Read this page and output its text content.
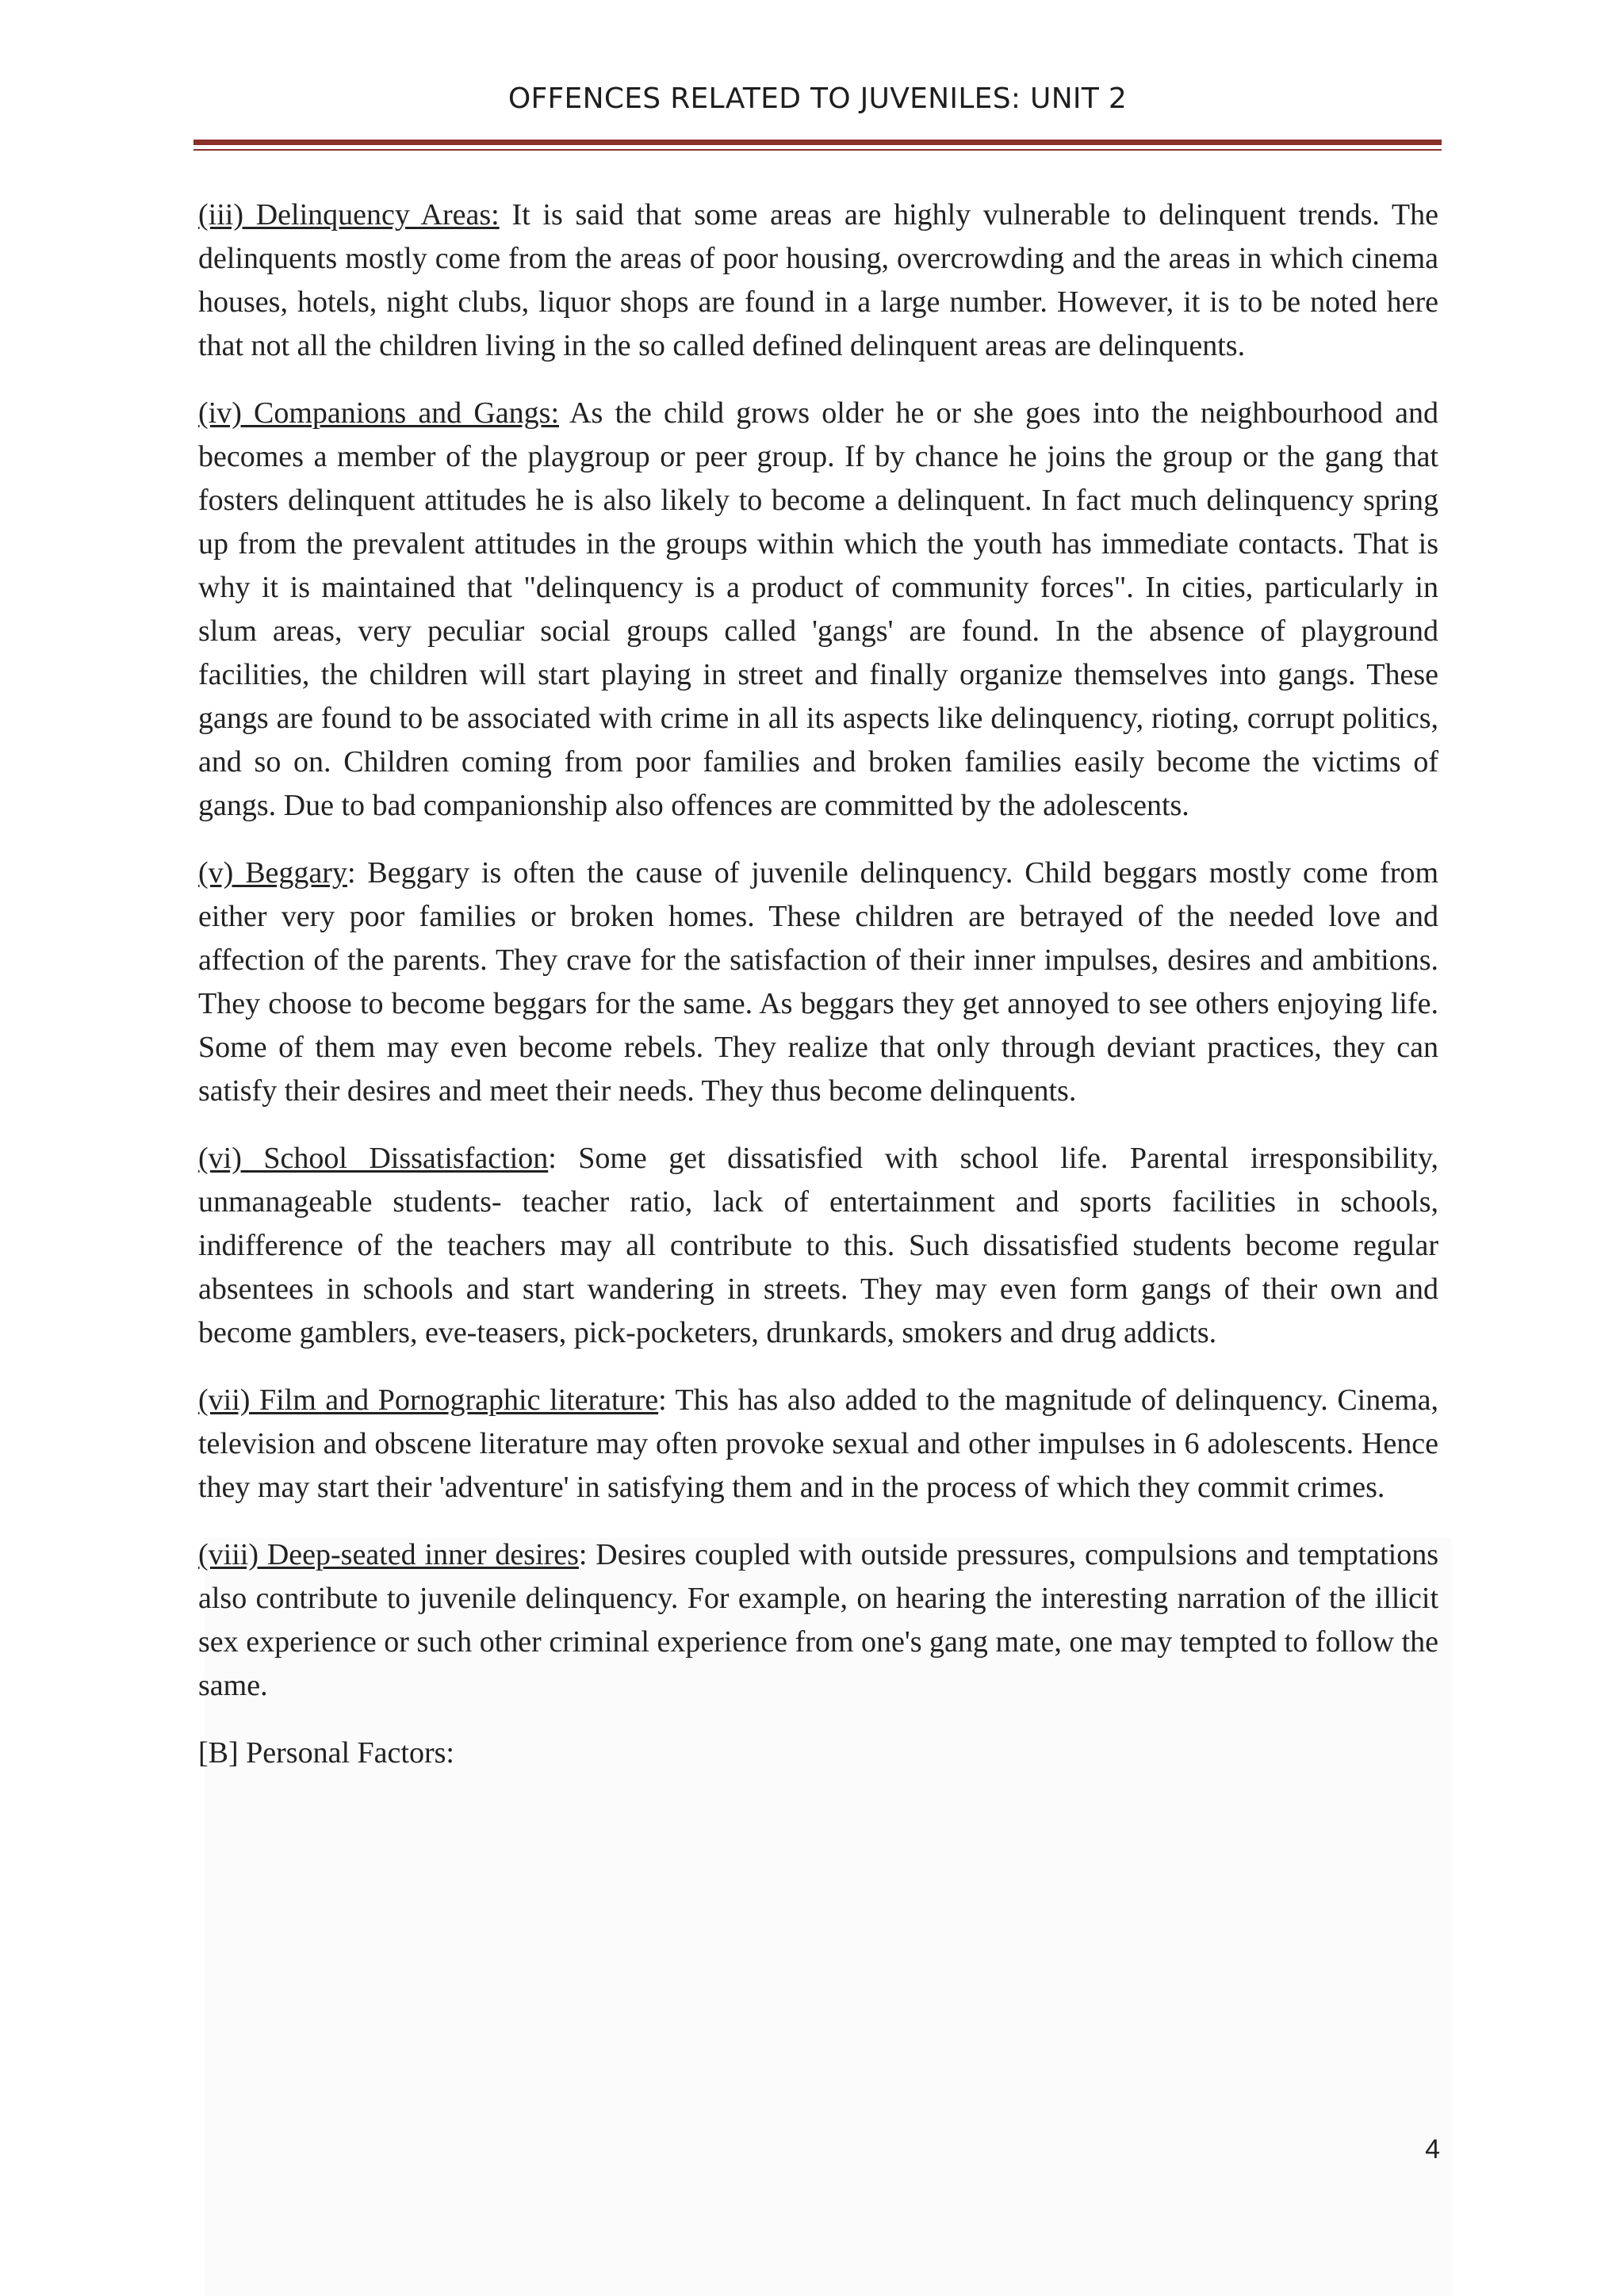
OFFENCES RELATED TO JUVENILES: UNIT 2

(iii) Delinquency Areas: It is said that some areas are highly vulnerable to delinquent trends. The delinquents mostly come from the areas of poor housing, overcrowding and the areas in which cinema houses, hotels, night clubs, liquor shops are found in a large number. However, it is to be noted here that not all the children living in the so called defined delinquent areas are delinquents.

(iv) Companions and Gangs: As the child grows older he or she goes into the neighbourhood and becomes a member of the playgroup or peer group. If by chance he joins the group or the gang that fosters delinquent attitudes he is also likely to become a delinquent. In fact much delinquency spring up from the prevalent attitudes in the groups within which the youth has immediate contacts. That is why it is maintained that "delinquency is a product of community forces". In cities, particularly in slum areas, very peculiar social groups called 'gangs' are found. In the absence of playground facilities, the children will start playing in street and finally organize themselves into gangs. These gangs are found to be associated with crime in all its aspects like delinquency, rioting, corrupt politics, and so on. Children coming from poor families and broken families easily become the victims of gangs. Due to bad companionship also offences are committed by the adolescents.

(v) Beggary: Beggary is often the cause of juvenile delinquency. Child beggars mostly come from either very poor families or broken homes. These children are betrayed of the needed love and affection of the parents. They crave for the satisfaction of their inner impulses, desires and ambitions. They choose to become beggars for the same. As beggars they get annoyed to see others enjoying life. Some of them may even become rebels. They realize that only through deviant practices, they can satisfy their desires and meet their needs. They thus become delinquents.

(vi) School Dissatisfaction: Some get dissatisfied with school life. Parental irresponsibility, unmanageable students- teacher ratio, lack of entertainment and sports facilities in schools, indifference of the teachers may all contribute to this. Such dissatisfied students become regular absentees in schools and start wandering in streets. They may even form gangs of their own and become gamblers, eve-teasers, pick-pocketers, drunkards, smokers and drug addicts.

(vii) Film and Pornographic literature: This has also added to the magnitude of delinquency. Cinema, television and obscene literature may often provoke sexual and other impulses in 6 adolescents. Hence they may start their 'adventure' in satisfying them and in the process of which they commit crimes.

(viii) Deep-seated inner desires: Desires coupled with outside pressures, compulsions and temptations also contribute to juvenile delinquency. For example, on hearing the interesting narration of the illicit sex experience or such other criminal experience from one's gang mate, one may tempted to follow the same.

[B] Personal Factors:

4
